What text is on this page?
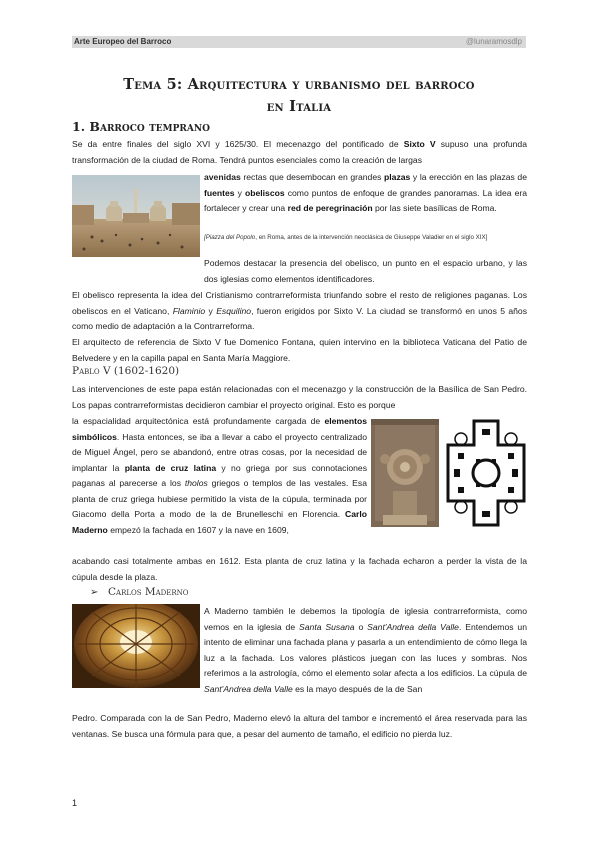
Arte Europeo del Barroco	@lunaramosdlp
Tema 5: Arquitectura y urbanismo del barroco
en Italia
1. Barroco temprano
Se da entre finales del siglo XVI y 1625/30. El mecenazgo del pontificado de Sixto V supuso una profunda transformación de la ciudad de Roma. Tendrá puntos esenciales como la creación de largas
avenidas rectas que desembocan en grandes plazas y la erección en las plazas de fuentes y obeliscos como puntos de enfoque de grandes panoramas. La idea era fortalecer y crear una red de peregrinación por las siete basílicas de Roma.
[Piazza del Popolo, en Roma, antes de la intervención neoclásica de Giuseppe Valadier en el siglo XIX]
Podemos destacar la presencia del obelisco, un punto en el espacio urbano, y las dos iglesias como elementos identificadores.
El obelisco representa la idea del Cristianismo contrarreformista triunfando sobre el resto de religiones paganas. Los obeliscos en el Vaticano, Flaminio y Esquilino, fueron erigidos por Sixto V. La ciudad se transformó en unos 5 años como medio de adaptación a la Contrarreforma.
El arquitecto de referencia de Sixto V fue Domenico Fontana, quien intervino en la biblioteca Vaticana del Patio de Belvedere y en la capilla papal en Santa María Maggiore.
Pablo V (1602-1620)
Las intervenciones de este papa están relacionadas con el mecenazgo y la construcción de la Basílica de San Pedro. Los papas contrarreformistas decidieron cambiar el proyecto original. Esto es porque
la espacialidad arquitectónica está profundamente cargada de elementos simbólicos. Hasta entonces, se iba a llevar a cabo el proyecto centralizado de Miguel Ángel, pero se abandonó, entre otras cosas, por la necesidad de implantar la planta de cruz latina y no griega por sus connotaciones paganas al parecerse a los tholos griegos o templos de las vestales. Esa planta de cruz griega hubiese permitido la vista de la cúpula, terminada por Giacomo della Porta a modo de la de Brunelleschi en Florencia. Carlo Maderno empezó la fachada en 1607 y la nave en 1609,
acabando casi totalmente ambas en 1612. Esta planta de cruz latina y la fachada echaron a perder la vista de la cúpula desde la plaza.
➢ Carlos Maderno
A Maderno también le debemos la tipología de iglesia contrarreformista, como vemos en la iglesia de Santa Susana o Sant'Andrea della Valle. Entendemos un intento de eliminar una fachada plana y pasarla a un entendimiento de cómo llega la luz a la fachada. Los valores plásticos juegan con las luces y sombras. Nos referimos a la astrología, cómo el elemento solar afecta a los edificios. La cúpula de Sant'Andrea della Valle es la mayo después de la de San
Pedro. Comparada con la de San Pedro, Maderno elevó la altura del tambor e incrementó el área reservada para las ventanas. Se busca una fórmula para que, a pesar del aumento de tamaño, el edificio no pierda luz.
1
